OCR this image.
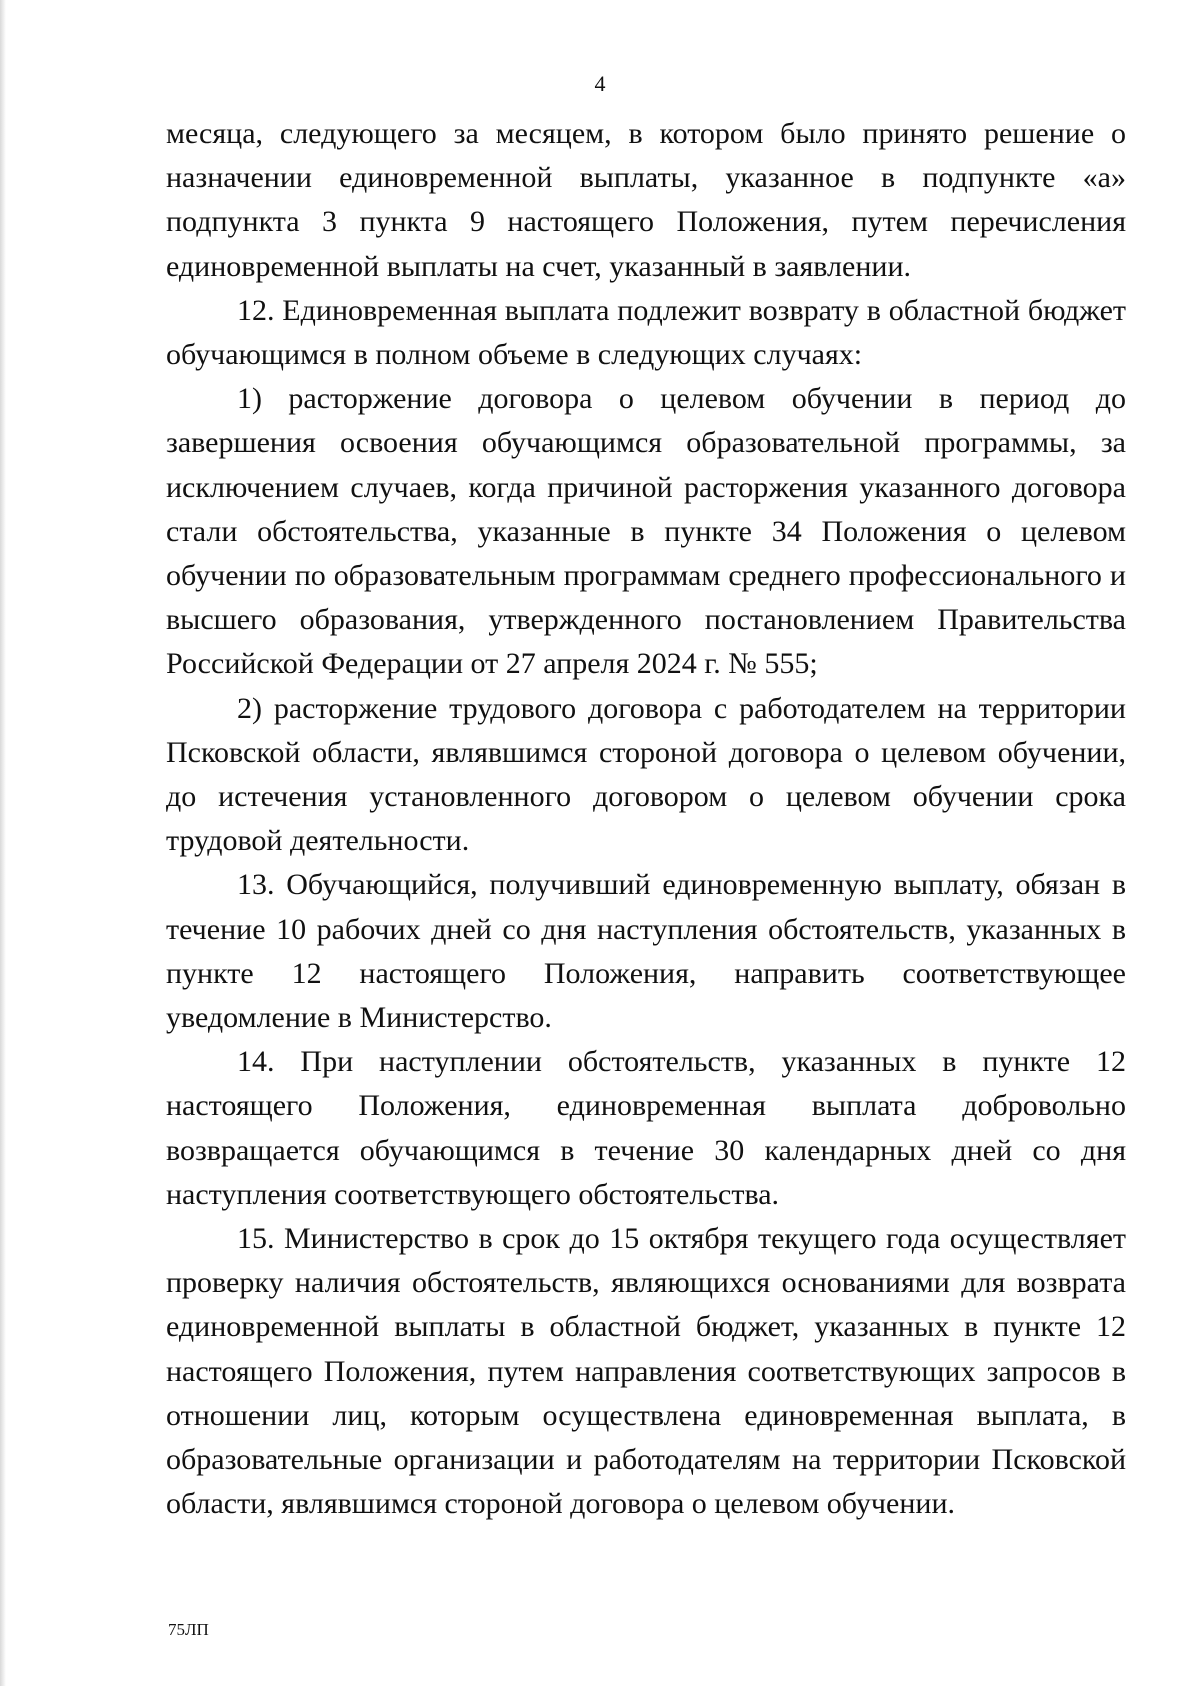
4

месяца, следующего за месяцем, в котором было принято решение о назначении единовременной выплаты, указанное в подпункте «а» подпункта 3 пункта 9 настоящего Положения, путем перечисления единовременной выплаты на счет, указанный в заявлении.

12. Единовременная выплата подлежит возврату в областной бюджет обучающимся в полном объеме в следующих случаях:

1) расторжение договора о целевом обучении в период до завершения освоения обучающимся образовательной программы, за исключением случаев, когда причиной расторжения указанного договора стали обстоятельства, указанные в пункте 34 Положения о целевом обучении по образовательным программам среднего профессионального и высшего образования, утвержденного постановлением Правительства Российской Федерации от 27 апреля 2024 г. № 555;

2) расторжение трудового договора с работодателем на территории Псковской области, являвшимся стороной договора о целевом обучении, до истечения установленного договором о целевом обучении срока трудовой деятельности.

13. Обучающийся, получивший единовременную выплату, обязан в течение 10 рабочих дней со дня наступления обстоятельств, указанных в пункте 12 настоящего Положения, направить соответствующее уведомление в Министерство.

14. При наступлении обстоятельств, указанных в пункте 12 настоящего Положения, единовременная выплата добровольно возвращается обучающимся в течение 30 календарных дней со дня наступления соответствующего обстоятельства.

15. Министерство в срок до 15 октября текущего года осуществляет проверку наличия обстоятельств, являющихся основаниями для возврата единовременной выплаты в областной бюджет, указанных в пункте 12 настоящего Положения, путем направления соответствующих запросов в отношении лиц, которым осуществлена единовременная выплата, в образовательные организации и работодателям на территории Псковской области, являвшимся стороной договора о целевом обучении.

75ЛП
